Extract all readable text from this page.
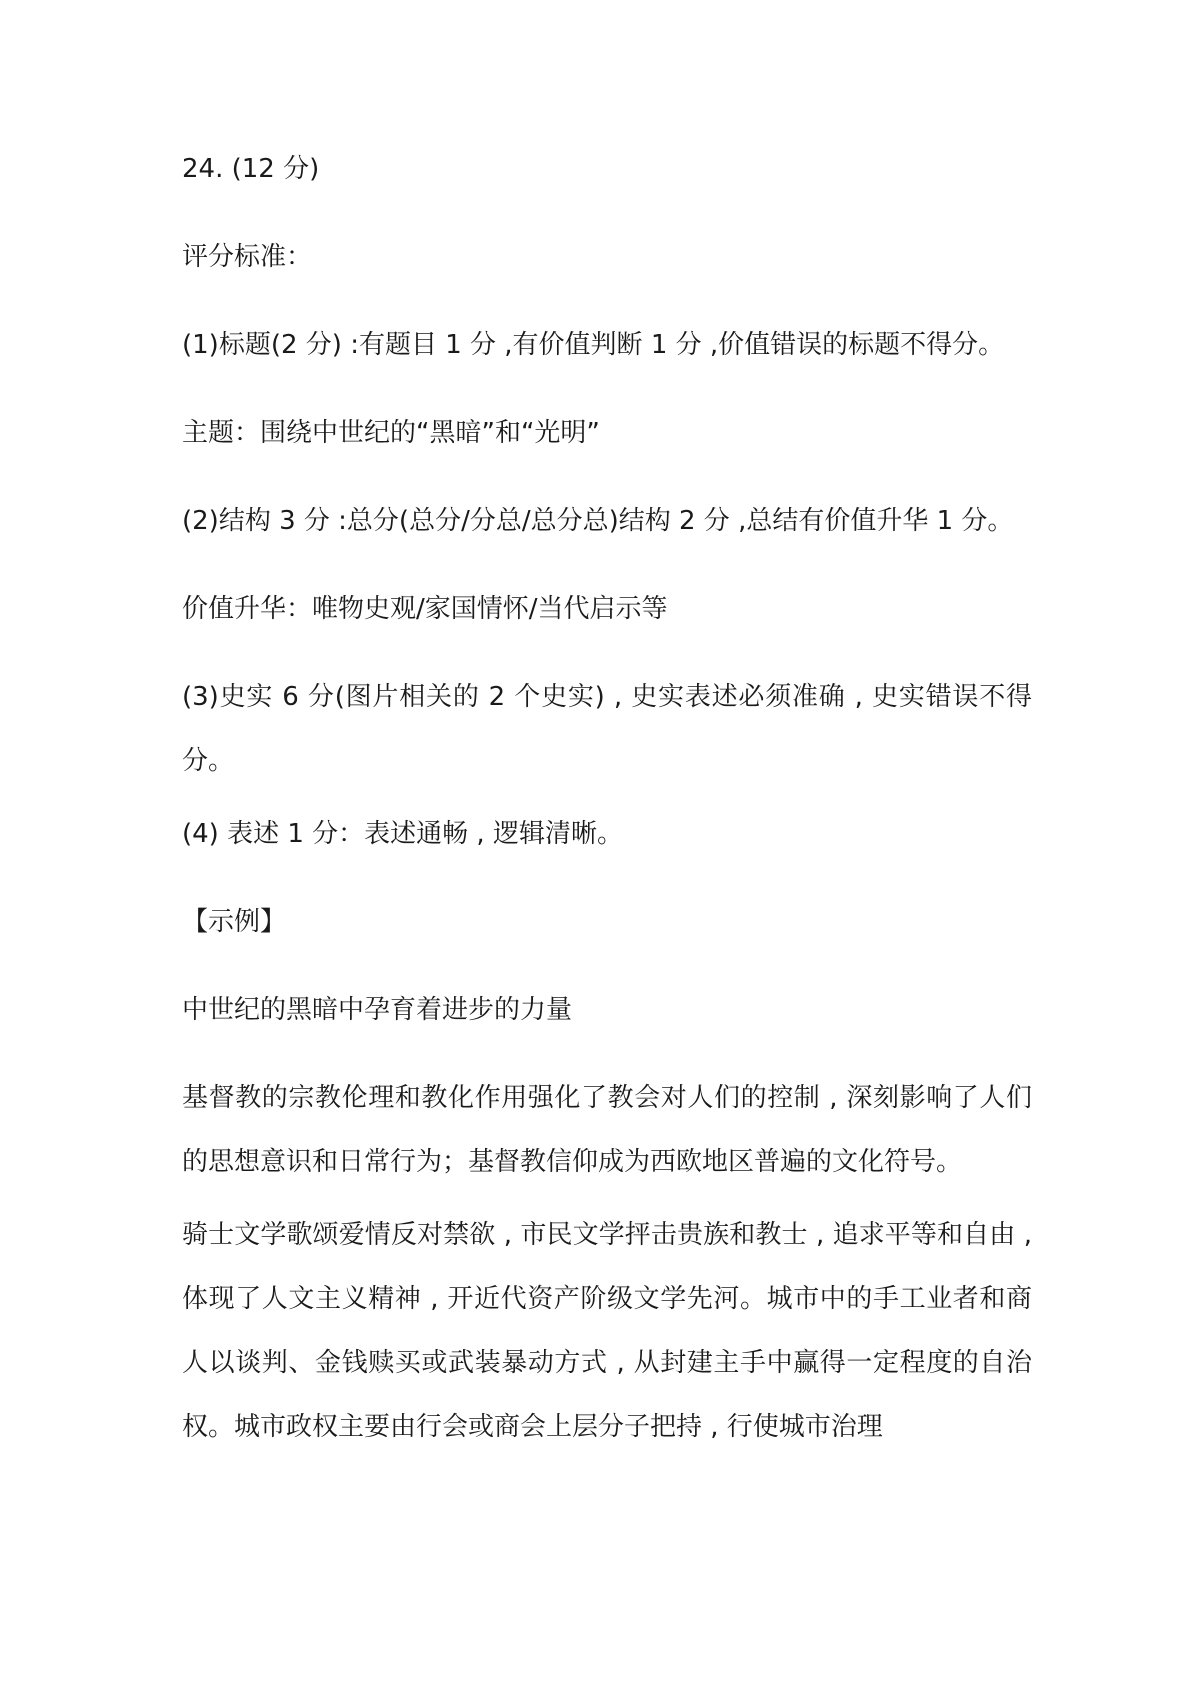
24. (12 分)

评分标准：

(1)标题(2 分) :有题目 1 分 ,有价值判断 1 分 ,价值错误的标题不得分。

主题：围绕中世纪的“黑暗”和“光明”

(2)结构 3 分 :总分(总分/分总/总分总)结构 2 分 ,总结有价值升华 1 分。

价值升华：唯物史观/家国情怀/当代启示等

(3)史实 6 分(图片相关的 2 个史实) , 史实表述必须准确 , 史实错误不得分。

(4) 表述 1 分：表述通畅 , 逻辑清晰。

【示例】

中世纪的黑暗中孕育着进步的力量

基督教的宗教伦理和教化作用强化了教会对人们的控制 , 深刻影响了人们的思想意识和日常行为；基督教信仰成为西欧地区普遍的文化符号。

骑士文学歌颂爱情反对禁欲 , 市民文学抨击贵族和教士 , 追求平等和自由 , 体现了人文主义精神 , 开近代资产阶级文学先河。城市中的手工业者和商人以谈判、金钱赎买或武装暴动方式 , 从封建主手中赢得一定程度的自治权。城市政权主要由行会或商会上层分子把持 , 行使城市治理
